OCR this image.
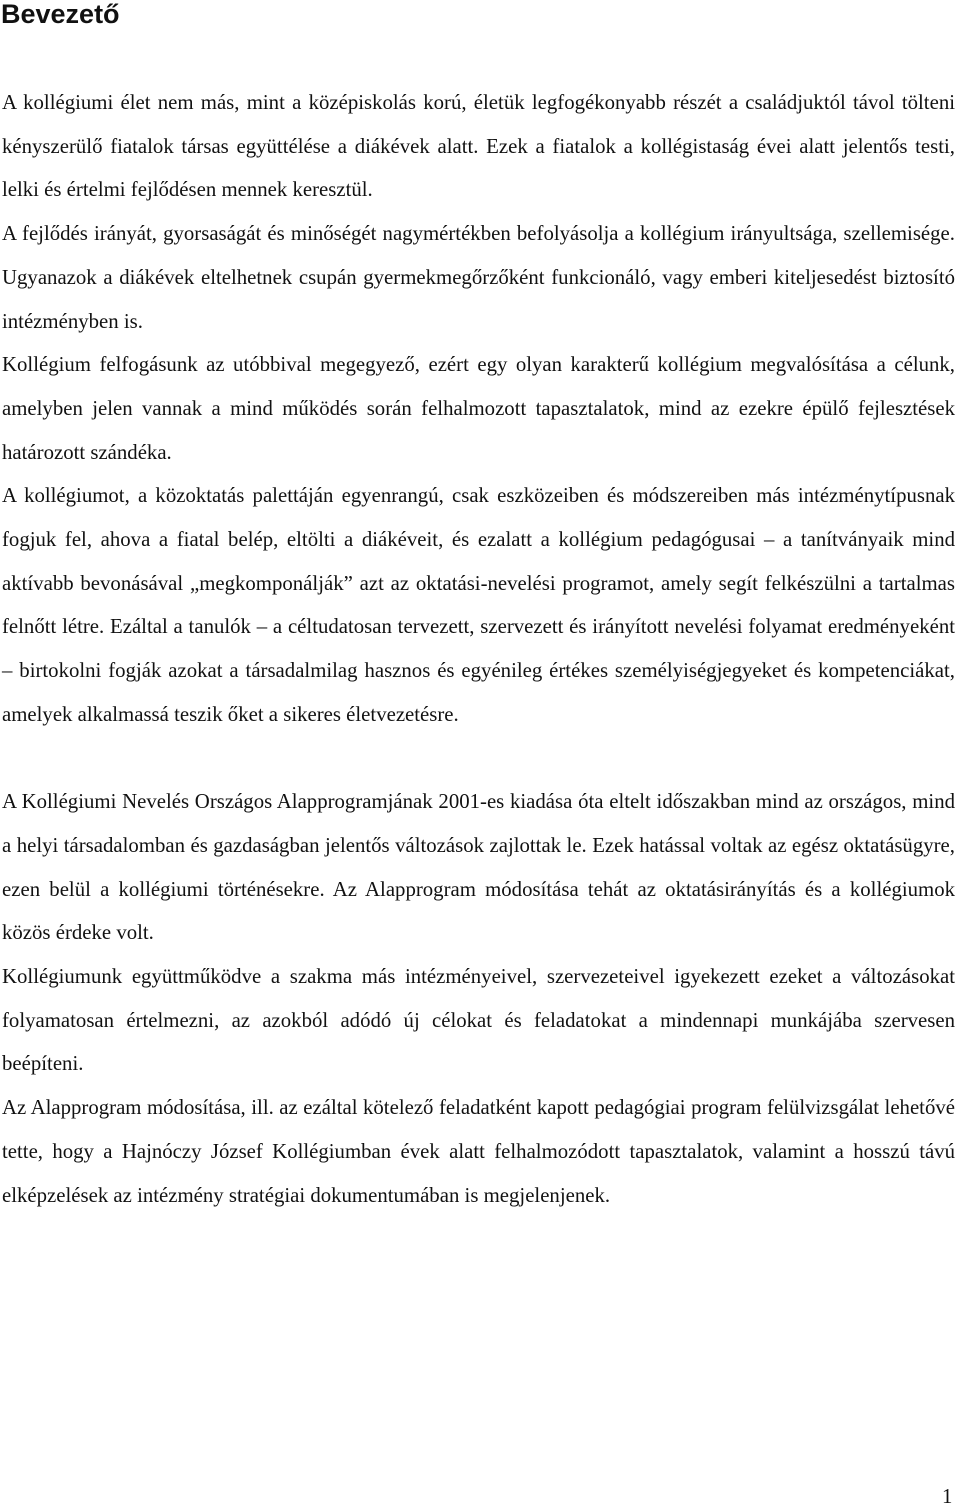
Bevezető

A kollégiumi élet nem más, mint a középiskolás korú, életük legfogékonyabb részét a családjuktól távol tölteni kényszerülő fiatalok társas együttélése a diákévek alatt. Ezek a fiatalok a kollégistaság évei alatt jelentős testi, lelki és értelmi fejlődésen mennek keresztül.

A fejlődés irányát, gyorsaságát és minőségét nagymértékben befolyásolja a kollégium irányultsága, szellemisége. Ugyanazok a diákévek eltelhetnek csupán gyermekmegőrzőként funkcionáló, vagy emberi kiteljesedést biztosító intézményben is.

Kollégium felfogásunk az utóbbival megegyező, ezért egy olyan karakterű kollégium megvalósítása a célunk, amelyben jelen vannak a mind működés során felhalmozott tapasztalatok, mind az ezekre épülő fejlesztések határozott szándéka.

A kollégiumot, a közoktatás palettáján egyenrangú, csak eszközeiben és módszereiben más intézménytípusnak fogjuk fel, ahova a fiatal belép, eltölti a diákéveit, és ezalatt a kollégium pedagógusai – a tanítványaik mind aktívabb bevonásával „megkomponálják” azt az oktatási-nevelési programot, amely segít felkészülni a tartalmas felnőtt létre. Ezáltal a tanulók – a céltudatosan tervezett, szervezett és irányított nevelési folyamat eredményeként – birtokolni fogják azokat a társadalmilag hasznos és egyénileg értékes személyiségjegyeket és kompetenciákat, amelyek alkalmassá teszik őket a sikeres életvezetésre.

A Kollégiumi Nevelés Országos Alapprogramjának 2001-es kiadása óta eltelt időszakban mind az országos, mind a helyi társadalomban és gazdaságban jelentős változások zajlottak le. Ezek hatással voltak az egész oktatásügyre, ezen belül a kollégiumi történésekre. Az Alapprogram módosítása tehát az oktatásirányítás és a kollégiumok közös érdeke volt.

Kollégiumunk együttműködve a szakma más intézményeivel, szervezeteivel igyekezett ezeket a változásokat folyamatosan értelmezni, az azokból adódó új célokat és feladatokat a mindennapi munkájába szervesen beépíteni.

Az Alapprogram módosítása, ill. az ezáltal kötelező feladatként kapott pedagógiai program felülvizsgálat lehetővé tette, hogy a Hajnóczy József Kollégiumban évek alatt felhalmozódott tapasztalatok, valamint a hosszú távú elképzelések az intézmény stratégiai dokumentumában is megjelenjenek.

1
